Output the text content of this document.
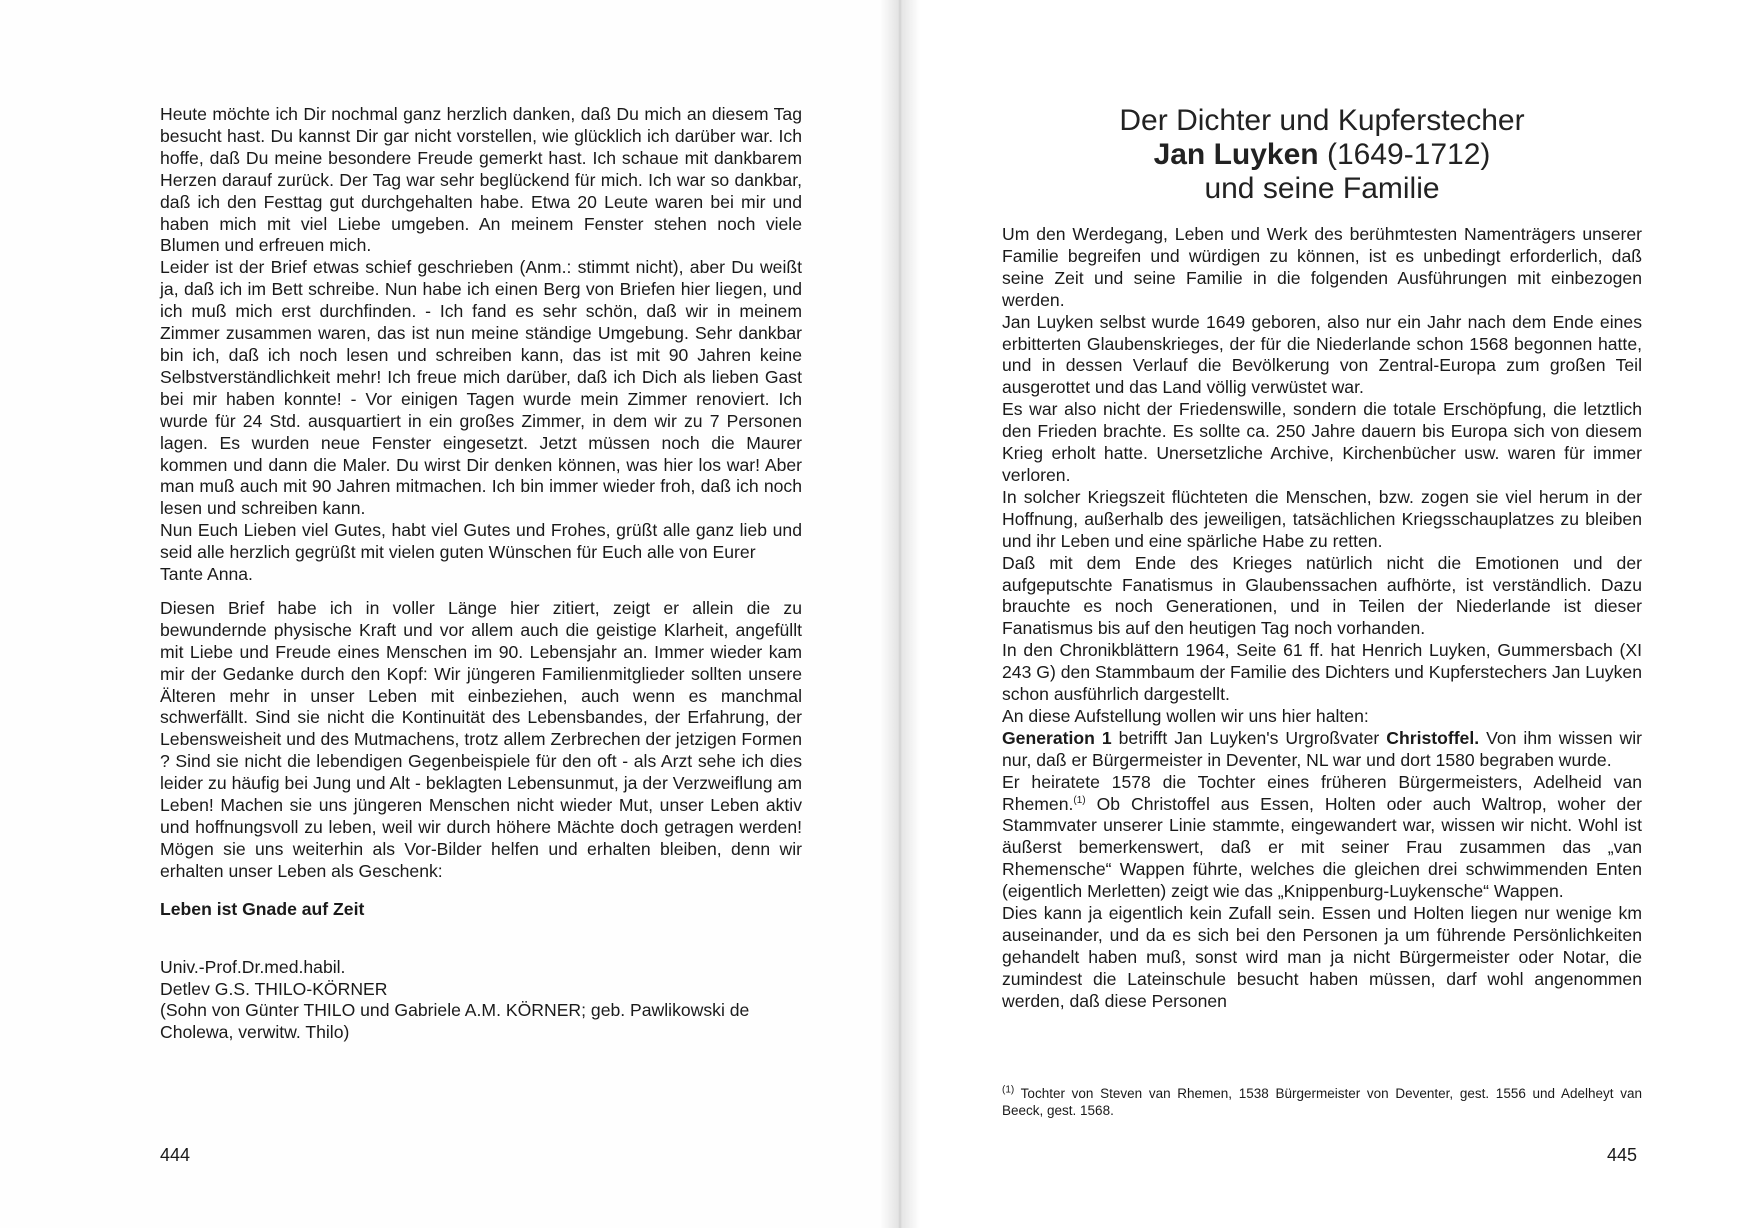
Heute möchte ich Dir nochmal ganz herzlich danken, daß Du mich an diesem Tag besucht hast. Du kannst Dir gar nicht vorstellen, wie glücklich ich darüber war. Ich hoffe, daß Du meine besondere Freude gemerkt hast. Ich schaue mit dankbarem Herzen darauf zurück. Der Tag war sehr beglückend für mich. Ich war so dankbar, daß ich den Festtag gut durchgehalten habe. Etwa 20 Leute waren bei mir und haben mich mit viel Liebe umgeben. An meinem Fenster stehen noch viele Blumen und erfreuen mich.

Leider ist der Brief etwas schief geschrieben (Anm.: stimmt nicht), aber Du weißt ja, daß ich im Bett schreibe. Nun habe ich einen Berg von Briefen hier liegen, und ich muß mich erst durchfinden. - Ich fand es sehr schön, daß wir in meinem Zimmer zusammen waren, das ist nun meine ständige Umgebung. Sehr dankbar bin ich, daß ich noch lesen und schreiben kann, das ist mit 90 Jahren keine Selbstverständlichkeit mehr! Ich freue mich darüber, daß ich Dich als lieben Gast bei mir haben konnte! - Vor einigen Tagen wurde mein Zimmer renoviert. Ich wurde für 24 Std. ausquartiert in ein großes Zimmer, in dem wir zu 7 Personen lagen. Es wurden neue Fenster eingesetzt. Jetzt müssen noch die Maurer kommen und dann die Maler. Du wirst Dir denken können, was hier los war! Aber man muß auch mit 90 Jahren mitmachen. Ich bin immer wieder froh, daß ich noch lesen und schreiben kann.

Nun Euch Lieben viel Gutes, habt viel Gutes und Frohes, grüßt alle ganz lieb und seid alle herzlich gegrüßt mit vielen guten Wünschen für Euch alle von Eurer

Tante Anna.

Diesen Brief habe ich in voller Länge hier zitiert, zeigt er allein die zu bewundernde physische Kraft und vor allem auch die geistige Klarheit, angefüllt mit Liebe und Freude eines Menschen im 90. Lebensjahr an. Immer wieder kam mir der Gedanke durch den Kopf: Wir jüngeren Familienmitglieder sollten unsere Älteren mehr in unser Leben mit einbeziehen, auch wenn es manchmal schwerfällt. Sind sie nicht die Kontinuität des Lebensbandes, der Erfahrung, der Lebensweisheit und des Mutmachens, trotz allem Zerbrechen der jetzigen Formen ? Sind sie nicht die lebendigen Gegenbeispiele für den oft - als Arzt sehe ich dies leider zu häufig bei Jung und Alt - beklagten Lebensunmut, ja der Verzweiflung am Leben! Machen sie uns jüngeren Menschen nicht wieder Mut, unser Leben aktiv und hoffnungsvoll zu leben, weil wir durch höhere Mächte doch getragen werden! Mögen sie uns weiterhin als Vor-Bilder helfen und erhalten bleiben, denn wir erhalten unser Leben als Geschenk:

Leben ist Gnade auf Zeit

Univ.-Prof.Dr.med.habil.

Detlev G.S. THILO-KÖRNER

(Sohn von Günter THILO und Gabriele A.M. KÖRNER; geb. Pawlikowski de Cholewa, verwitw. Thilo)

444
Der Dichter und Kupferstecher
Jan Luyken (1649-1712)
und seine Familie

Um den Werdegang, Leben und Werk des berühmtesten Namenträgers unserer Familie begreifen und würdigen zu können, ist es unbedingt erforderlich, daß seine Zeit und seine Familie in die folgenden Ausführungen mit einbezogen werden.

Jan Luyken selbst wurde 1649 geboren, also nur ein Jahr nach dem Ende eines erbitterten Glaubenskrieges, der für die Niederlande schon 1568 begonnen hatte, und in dessen Verlauf die Bevölkerung von Zentral-Europa zum großen Teil ausgerottet und das Land völlig verwüstet war.

Es war also nicht der Friedenswille, sondern die totale Erschöpfung, die letztlich den Frieden brachte. Es sollte ca. 250 Jahre dauern bis Europa sich von diesem Krieg erholt hatte. Unersetzliche Archive, Kirchenbücher usw. waren für immer verloren.

In solcher Kriegszeit flüchteten die Menschen, bzw. zogen sie viel herum in der Hoffnung, außerhalb des jeweiligen, tatsächlichen Kriegsschauplatzes zu bleiben und ihr Leben und eine spärliche Habe zu retten.

Daß mit dem Ende des Krieges natürlich nicht die Emotionen und der aufgeputschte Fanatismus in Glaubenssachen aufhörte, ist verständlich. Dazu brauchte es noch Generationen, und in Teilen der Niederlande ist dieser Fanatismus bis auf den heutigen Tag noch vorhanden.

In den Chronikblättern 1964, Seite 61 ff. hat Henrich Luyken, Gummersbach (XI 243 G) den Stammbaum der Familie des Dichters und Kupferstechers Jan Luyken schon ausführlich dargestellt.

An diese Aufstellung wollen wir uns hier halten:

Generation 1 betrifft Jan Luyken's Urgroßvater Christoffel. Von ihm wissen wir nur, daß er Bürgermeister in Deventer, NL war und dort 1580 begraben wurde.

Er heiratete 1578 die Tochter eines früheren Bürgermeisters, Adelheid van Rhemen.$^{(1)}$ Ob Christoffel aus Essen, Holten oder auch Waltrop, woher der Stammvater unserer Linie stammte, eingewandert war, wissen wir nicht. Wohl ist äußerst bemerkenswert, daß er mit seiner Frau zusammen das „van Rhemensche“ Wappen führte, welches die gleichen drei schwimmenden Enten (eigentlich Merletten) zeigt wie das „Knippenburg-Luykensche“ Wappen.

Dies kann ja eigentlich kein Zufall sein. Essen und Holten liegen nur wenige km auseinander, und da es sich bei den Personen ja um führende Persönlichkeiten gehandelt haben muß, sonst wird man ja nicht Bürgermeister oder Notar, die zumindest die Lateinschule besucht haben müssen, darf wohl angenommen werden, daß diese Personen

$^{(1)}$ Tochter von Steven van Rhemen, 1538 Bürgermeister von Deventer, gest. 1556 und Adelheyt van Beeck, gest. 1568.
445
